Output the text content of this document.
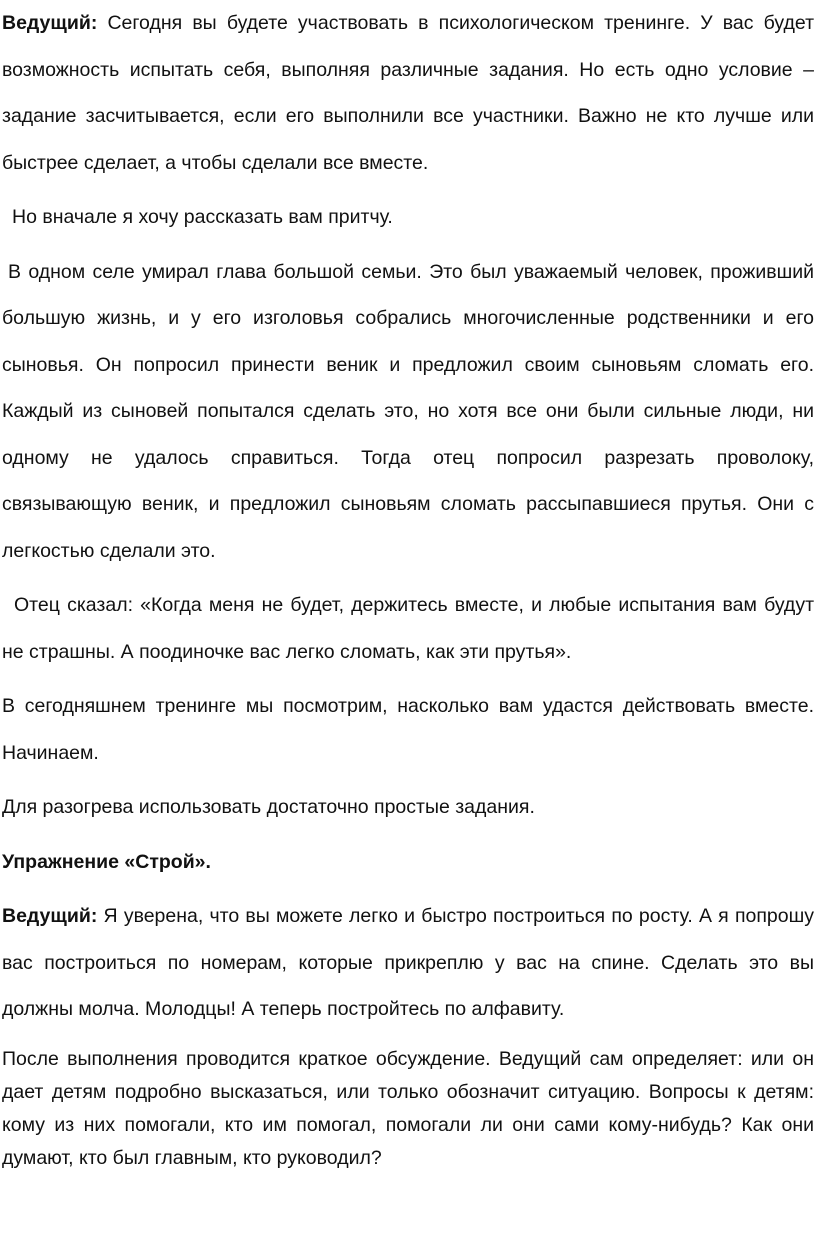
Ведущий: Сегодня вы будете участвовать в психологическом тренинге. У вас будет возможность испытать себя, выполняя различные задания. Но есть одно условие – задание засчитывается, если его выполнили все участники. Важно не кто лучше или быстрее сделает, а чтобы сделали все вместе.

Но вначале я хочу рассказать вам притчу.

В одном селе умирал глава большой семьи. Это был уважаемый человек, проживший большую жизнь, и у его изголовья собрались многочисленные родственники и его сыновья. Он попросил принести веник и предложил своим сыновьям сломать его. Каждый из сыновей попытался сделать это, но хотя все они были сильные люди, ни одному не удалось справиться. Тогда отец попросил разрезать проволоку, связывающую веник, и предложил сыновьям сломать рассыпавшиеся прутья. Они с легкостью сделали это.

Отец сказал: «Когда меня не будет, держитесь вместе, и любые испытания вам будут не страшны. А поодиночке вас легко сломать, как эти прутья».

В сегодняшнем тренинге мы посмотрим, насколько вам удастся действовать вместе. Начинаем.

Для разогрева использовать достаточно простые задания.

Упражнение «Строй».

Ведущий: Я уверена, что вы можете легко и быстро построиться по росту. А я попрошу вас построиться по номерам, которые прикреплю у вас на спине. Сделать это вы должны молча. Молодцы! А теперь постройтесь по алфавиту.

После выполнения проводится краткое обсуждение. Ведущий сам определяет: или он дает детям подробно высказаться, или только обозначит ситуацию. Вопросы к детям: кому из них помогали, кто им помогал, помогали ли они сами кому-нибудь? Как они думают, кто был главным, кто руководил?
